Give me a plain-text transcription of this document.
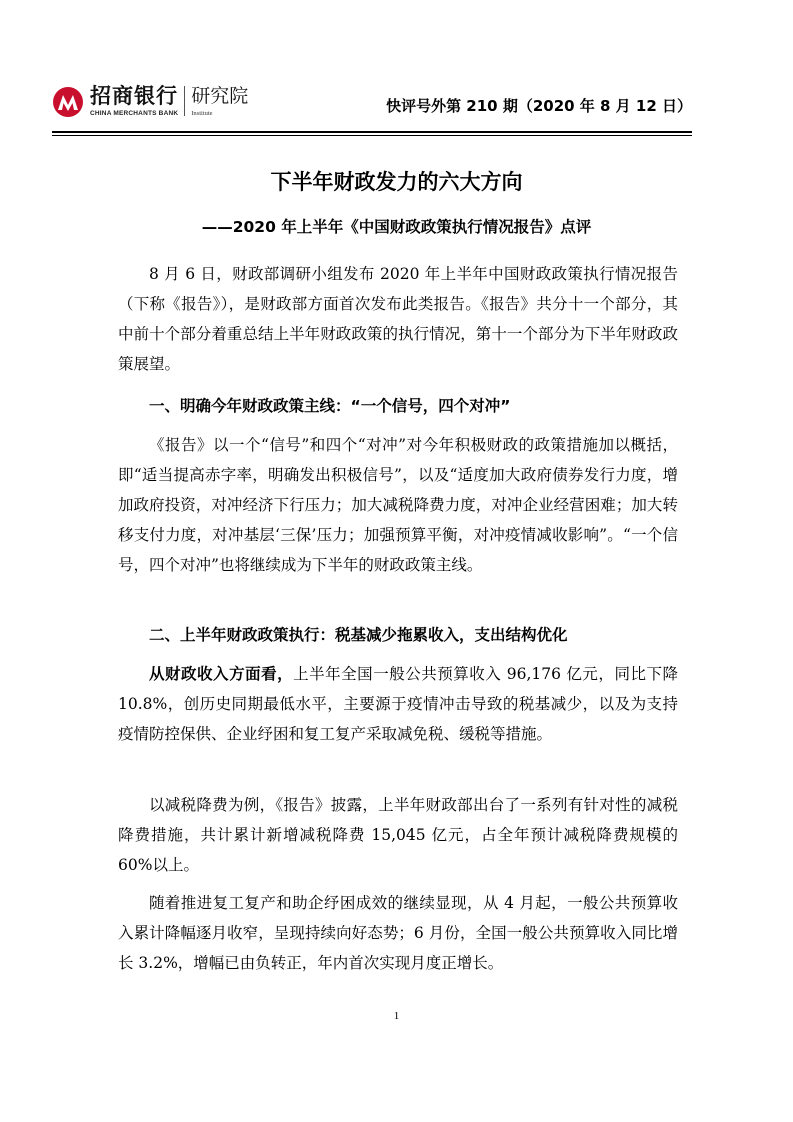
招商银行
CHINA MERCHANTS BANK
研究院
Institute	快评号外第 210 期（2020 年 8 月 12 日）
下半年财政发力的六大方向
——2020 年上半年《中国财政政策执行情况报告》点评

8 月 6 日，财政部调研小组发布 2020 年上半年中国财政政策执行情况报告（下称《报告》），是财政部方面首次发布此类报告。《报告》共分十一个部分，其中前十个部分着重总结上半年财政政策的执行情况，第十一个部分为下半年财政政策展望。

一、明确今年财政政策主线：“一个信号，四个对冲”

《报告》以一个“信号”和四个“对冲”对今年积极财政的政策措施加以概括，即“适当提高赤字率，明确发出积极信号”，以及“适度加大政府债券发行力度，增加政府投资，对冲经济下行压力；加大减税降费力度，对冲企业经营困难；加大转移支付力度，对冲基层‘三保’压力；加强预算平衡，对冲疫情减收影响”。“一个信号，四个对冲”也将继续成为下半年的财政政策主线。

二、上半年财政政策执行：税基减少拖累收入，支出结构优化

从财政收入方面看，上半年全国一般公共预算收入 96,176 亿元，同比下降 10.8%，创历史同期最低水平，主要源于疫情冲击导致的税基减少，以及为支持疫情防控保供、企业纾困和复工复产采取减免税、缓税等措施。

以减税降费为例，《报告》披露，上半年财政部出台了一系列有针对性的减税降费措施，共计累计新增减税降费 15,045 亿元，占全年预计减税降费规模的 60%以上。

随着推进复工复产和助企纾困成效的继续显现，从 4 月起，一般公共预算收入累计降幅逐月收窄，呈现持续向好态势；6 月份，全国一般公共预算收入同比增长 3.2%，增幅已由负转正，年内首次实现月度正增长。

1
